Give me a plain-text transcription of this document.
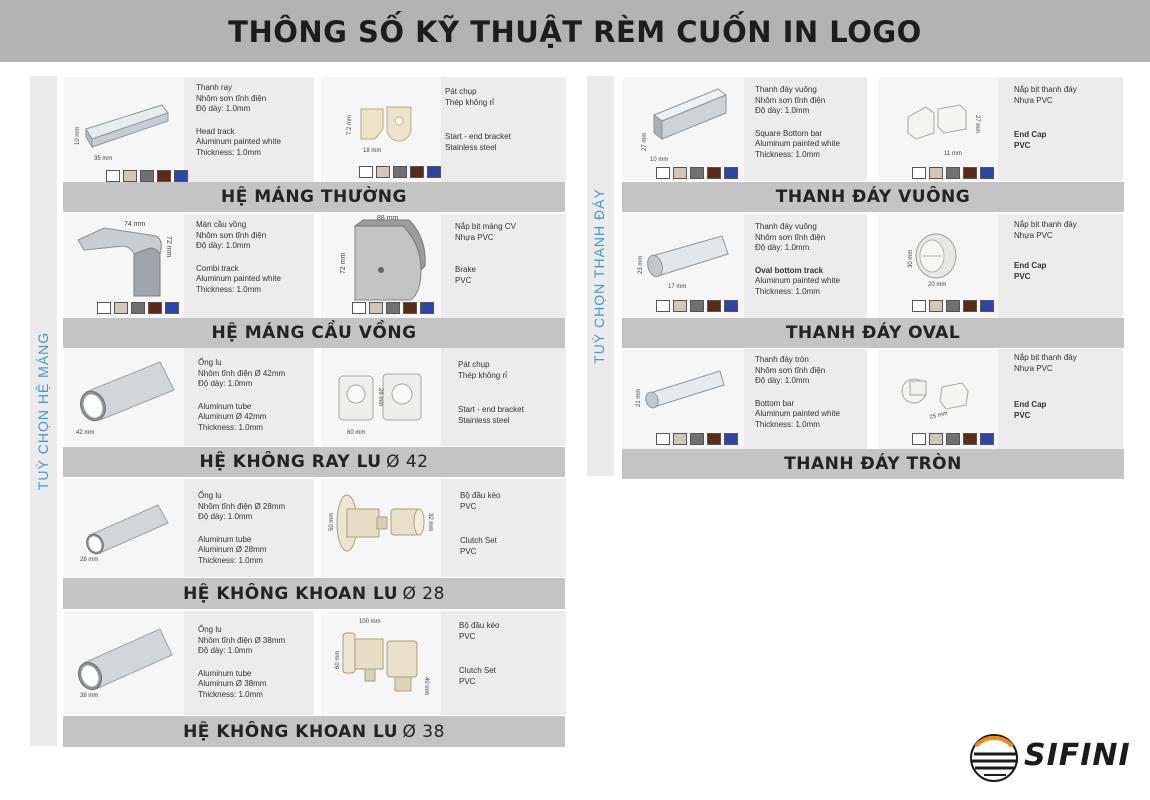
THÔNG SỐ KỸ THUẬT RÈM CUỐN IN LOGO
TUỲ CHỌN HỆ MÁNG
TUỲ CHỌN THANH ĐÁY
10 mm
35 mm
Thanh ray
Nhôm sơn tĩnh điện
Độ dày: 1.0mm
Head track
Aluminum painted white
Thickness: 1.0mm
7.2 mm
18 mm
Pát chụp
Thép không rỉ
Start - end bracket
Stainless steel
HỆ MÁNG THƯỜNG
74 mm
72 mm
Mán cầu vồng
Nhôm sơn tĩnh điện
Độ dày: 1.0mm
Combi track
Aluminum painted white
Thickness: 1.0mm
88 mm
72 mm
Nắp bịt máng CV
Nhựa PVC
Brake
PVC
HỆ MÁNG CẦU VỒNG
42 mm
Ống lu
Nhôm tĩnh điện Ø 42mm
Độ dày: 1.0mm
Aluminum tube
Aluminum Ø 42mm
Thickness: 1.0mm
60 mm
28 mm
Pát chụp
Thép không rỉ
Start - end bracket
Stainless steel
HỆ KHÔNG RAY LU
Ø 42
28 mm
Ống lu
Nhôm tĩnh điện Ø 28mm
Độ dày: 1.0mm
Aluminum tube
Aluminum Ø 28mm
Thickness: 1.0mm
50 mm	32 mm
Bộ đầu kéo
PVC
Clutch Set
PVC
HỆ KHÔNG KHOAN LU
Ø 28
38 mm
Ống lu
Nhôm tĩnh điện Ø 38mm
Độ dày: 1.0mm
Aluminum tube
Aluminum Ø 38mm
Thickness: 1.0mm
100 mm
60 mm
40 mm
Bộ đầu kéo
PVC
Clutch Set
PVC
HỆ KHÔNG KHOAN LU
Ø 38
27 mm
10 mm
Thanh đáy vuông
Nhôm sơn tĩnh điện
Độ dày: 1.0mm
Square Bottom bar
Aluminum painted white
Thickness: 1.0mm
27 mm
11 mm
Nắp bịt thanh đáy
Nhựa PVC
End Cap
PVC
THANH ĐÁY VUÔNG
23 mm
17 mm
Thanh đáy vuông
Nhôm sơn tĩnh điện
Độ dày: 1.0mm
Oval bottom track
Aluminum painted white
Thickness: 1.0mm
30 mm
20 mm
Nắp bịt thanh đáy
Nhựa PVC
End Cap
PVC
THANH ĐÁY OVAL
21 mm
Thanh đáy tròn
Nhôm sơn tĩnh điện
Độ dày: 1.0mm
Bottom bar
Aluminum painted white
Thickness: 1.0mm
25 mm
Nắp bịt thanh đáy
Nhựa PVC
End Cap
PVC
THANH ĐÁY TRÒN
SIFINI
